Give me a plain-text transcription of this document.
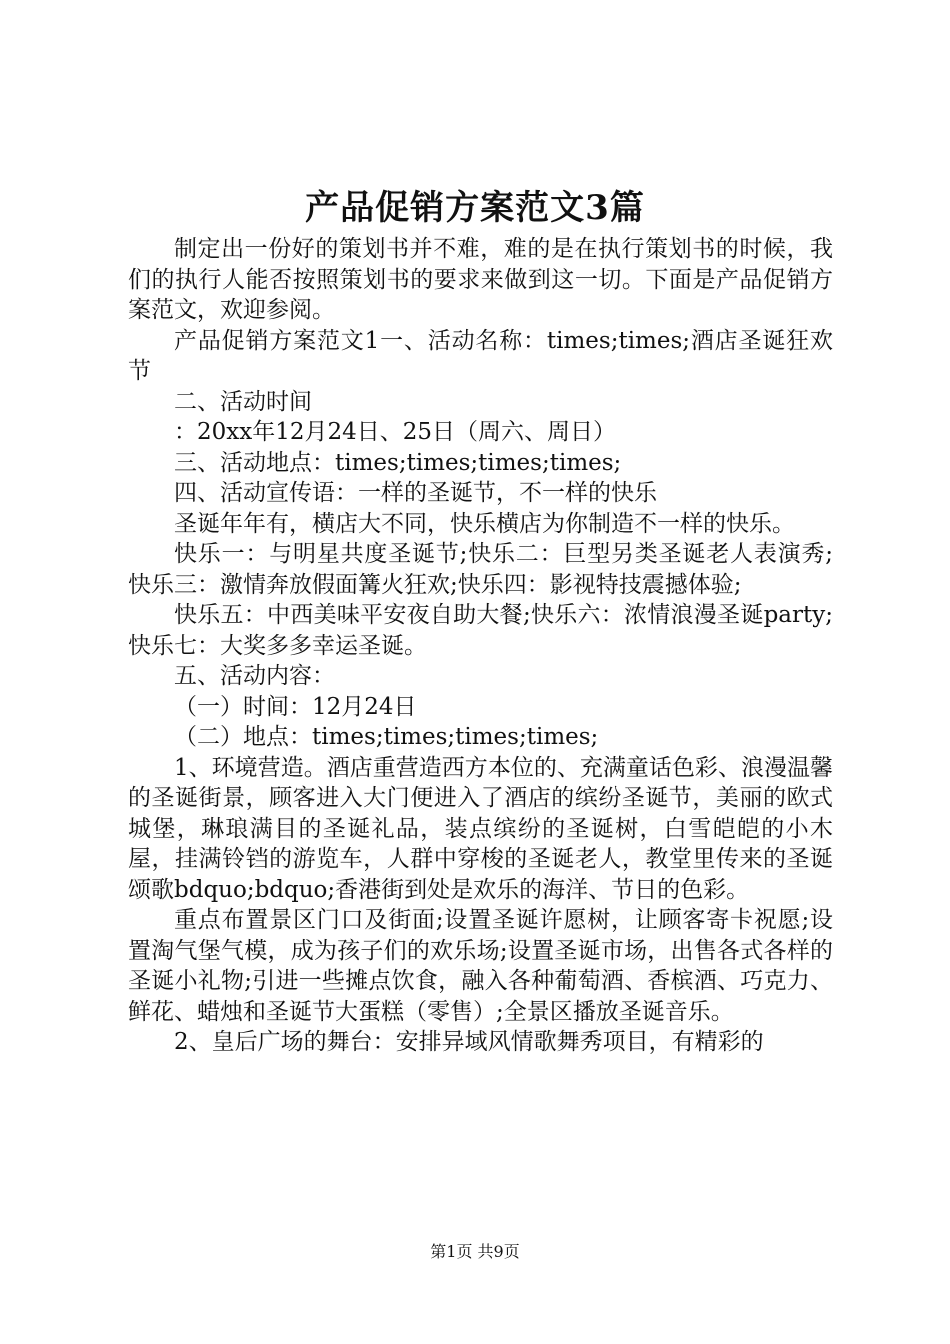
产品促销方案范文3篇

制定出一份好的策划书并不难，难的是在执行策划书的时候，我们的执行人能否按照策划书的要求来做到这一切。下面是产品促销方案范文，欢迎参阅。

产品促销方案范文1一、活动名称：times;times;酒店圣诞狂欢节

二、活动时间

：20xx年12月24日、25日（周六、周日）

三、活动地点：times;times;times;times;

四、活动宣传语：一样的圣诞节，不一样的快乐

圣诞年年有，横店大不同，快乐横店为你制造不一样的快乐。

快乐一：与明星共度圣诞节;快乐二：巨型另类圣诞老人表演秀;快乐三：激情奔放假面篝火狂欢;快乐四：影视特技震撼体验;

快乐五：中西美味平安夜自助大餐;快乐六：浓情浪漫圣诞party;快乐七：大奖多多幸运圣诞。

五、活动内容：

（一）时间：12月24日

（二）地点：times;times;times;times;

1、环境营造。酒店重营造西方本位的、充满童话色彩、浪漫温馨的圣诞街景，顾客进入大门便进入了酒店的缤纷圣诞节，美丽的欧式城堡，琳琅满目的圣诞礼品，装点缤纷的圣诞树，白雪皑皑的小木屋，挂满铃铛的游览车，人群中穿梭的圣诞老人，教堂里传来的圣诞颂歌bdquo;bdquo;香港街到处是欢乐的海洋、节日的色彩。

重点布置景区门口及街面;设置圣诞许愿树，让顾客寄卡祝愿;设置淘气堡气模，成为孩子们的欢乐场;设置圣诞市场，出售各式各样的圣诞小礼物;引进一些摊点饮食，融入各种葡萄酒、香槟酒、巧克力、鲜花、蜡烛和圣诞节大蛋糕（零售）;全景区播放圣诞音乐。

2、皇后广场的舞台：安排异域风情歌舞秀项目，有精彩的

第1页 共9页
